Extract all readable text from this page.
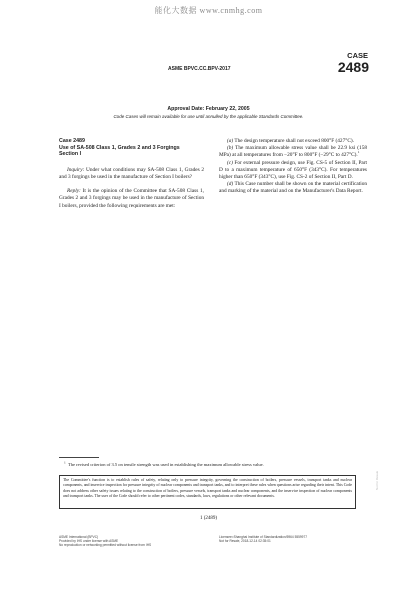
能化大数据 www.cnmhg.com
ASME BPVC.CC.BPV-2017
CASE
2489
Approval Date: February 22, 2005
Code Cases will remain available for use until annulled by the applicable Standards Committee.
Case 2489
Use of SA-508 Class 1, Grades 2 and 3 Forgings
Section I

Inquiry: Under what conditions may SA-508 Class 1, Grades 2 and 3 forgings be used in the manufacture of Section I boilers?

Reply: It is the opinion of the Committee that SA-508 Class 1, Grades 2 and 3 forgings may be used in the manufacture of Section I boilers, provided the following requirements are met:

(a) The design temperature shall not exceed 800°F (427°C).

(b) The maximum allowable stress value shall be 22.9 ksi (158 MPa) at all temperatures from −20°F to 800°F (−29°C to 427°C).$^1$

(c) For external pressure design, use Fig. CS-5 of Section II, Part D to a maximum temperature of 650°F (343°C). For temperatures higher than 650°F (343°C), use Fig. CS-2 of Section II, Part D.

(d) This Case number shall be shown on the material certification and marking of the material and on the Manufacturer's Data Report.

$^1$ The revised criterion of 3.5 on tensile strength was used in establishing the maximum allowable stress value.
The Committee's function is to establish rules of safety, relating only to pressure integrity, governing the construction of boilers, pressure vessels, transport tanks and nuclear components, and inservice inspection for pressure integrity of nuclear components and transport tanks, and to interpret these rules when questions arise regarding their intent. This Code does not address other safety issues relating to the construction of boilers, pressure vessels, transport tanks and nuclear components, and the inservice inspection of nuclear components and transport tanks. The user of the Code should refer to other pertinent codes, standards, laws, regulations or other relevant documents.
1 (2489)
ASME International (BPVC)
Provided by IHS under license with ASME
No reproduction or networking permitted without license from IHS
Licensee=Shanghai Institute of Standardization/5964 5559977
Not for Resale, 2018-12-14 02:35:01
Not for Resale
